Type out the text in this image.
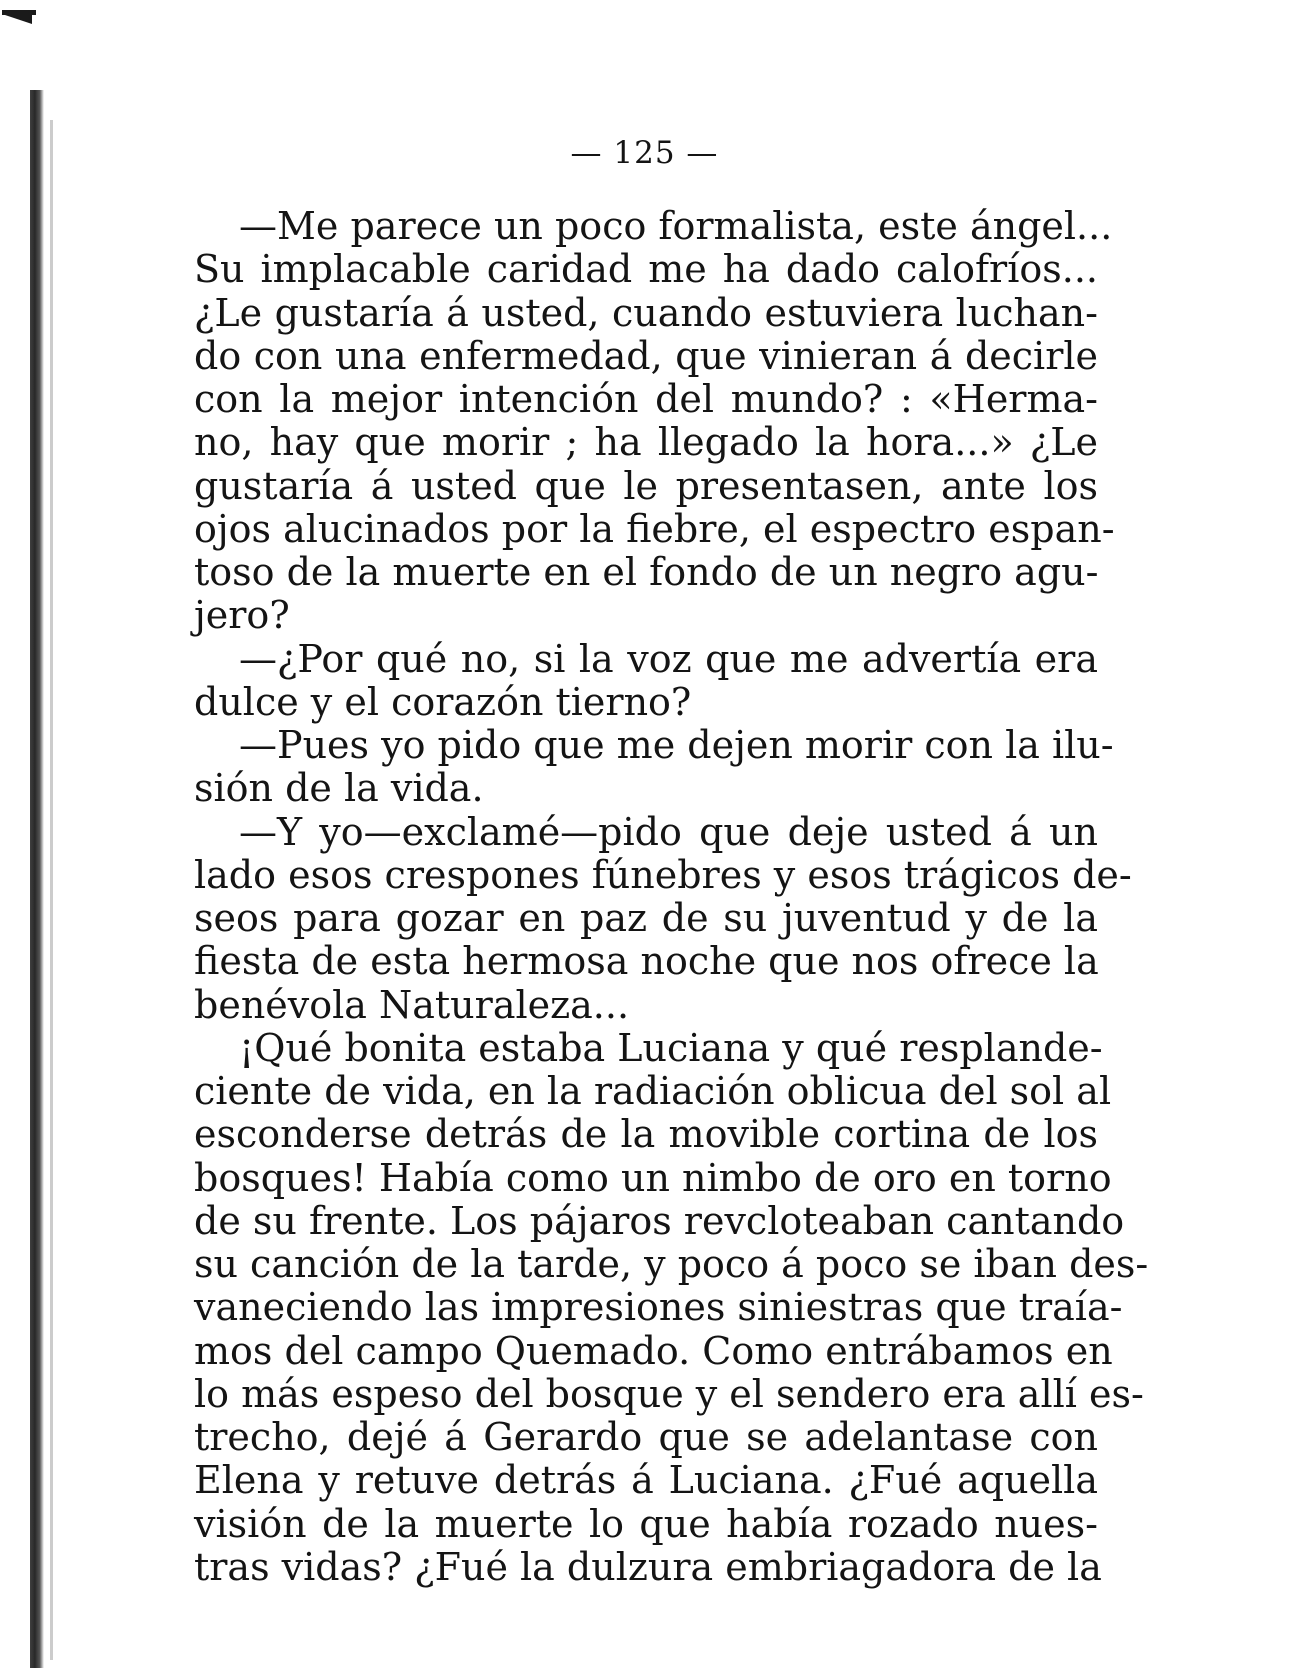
— 125 —
—Me parece un poco formalista, este ángel...
Su implacable caridad me ha dado calofríos...
¿Le gustaría á usted, cuando estuviera luchan-
do con una enfermedad, que vinieran á decirle
con la mejor intención del mundo? : «Herma-
no, hay que morir ; ha llegado la hora...» ¿Le
gustaría á usted que le presentasen, ante los
ojos alucinados por la fiebre, el espectro espan-
toso de la muerte en el fondo de un negro agu-
jero?
—¿Por qué no, si la voz que me advertía era
dulce y el corazón tierno?
—Pues yo pido que me dejen morir con la ilu-
sión de la vida.
—Y yo—exclamé—pido que deje usted á un
lado esos crespones fúnebres y esos trágicos de-
seos para gozar en paz de su juventud y de la
fiesta de esta hermosa noche que nos ofrece la
benévola Naturaleza...
¡Qué bonita estaba Luciana y qué resplande-
ciente de vida, en la radiación oblicua del sol al
esconderse detrás de la movible cortina de los
bosques! Había como un nimbo de oro en torno
de su frente. Los pájaros revcloteaban cantando
su canción de la tarde, y poco á poco se iban des-
vaneciendo las impresiones siniestras que traía-
mos del campo Quemado. Como entrábamos en
lo más espeso del bosque y el sendero era allí es-
trecho, dejé á Gerardo que se adelantase con
Elena y retuve detrás á Luciana. ¿Fué aquella
visión de la muerte lo que había rozado nues-
tras vidas? ¿Fué la dulzura embriagadora de la
